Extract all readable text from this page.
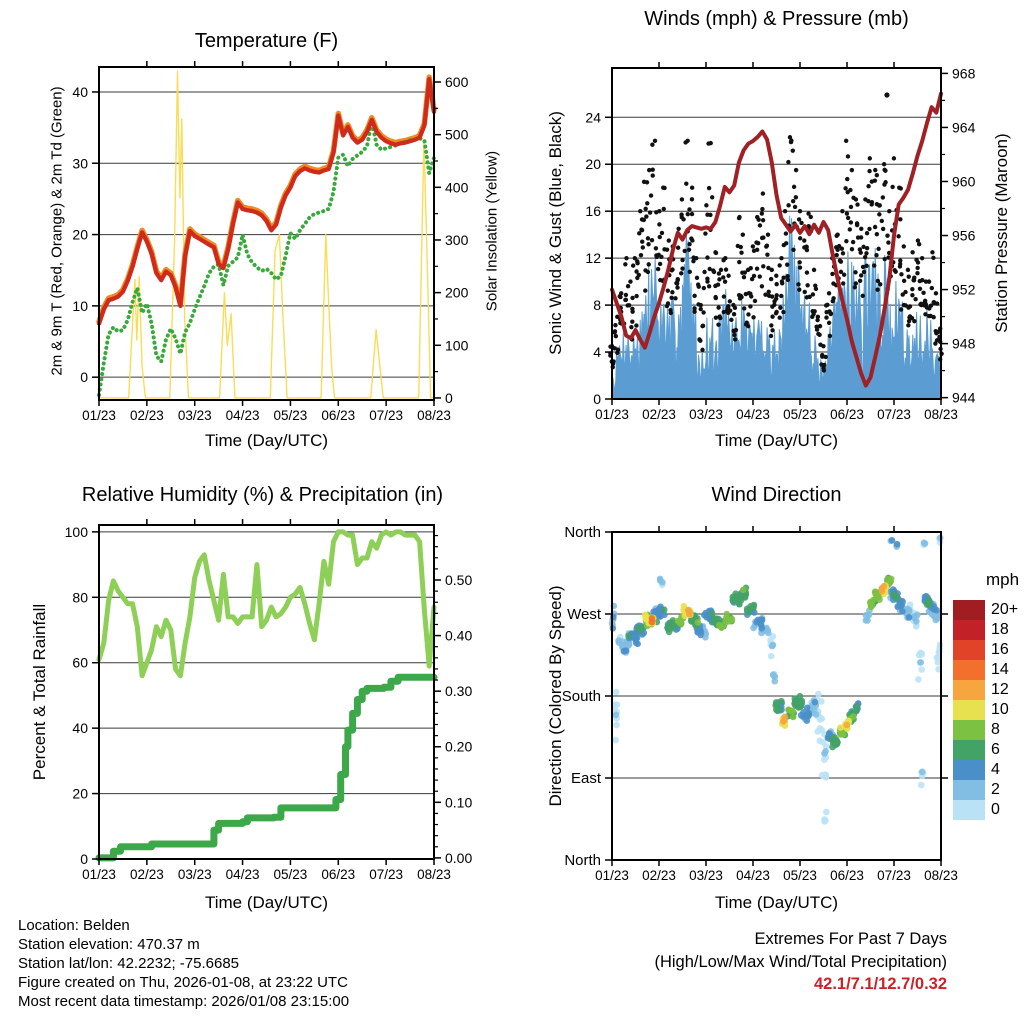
01/23 02/23 03/23 04/23 05/23 06/23 07/23 08/23
0
10
20
30
40
0
100
200
300
400
500
600
01/23 02/23 03/23 04/23 05/23 06/23 07/23 08/23
0
4
8
12
16
20
24
944
948
952
956
960
964
968
01/23 02/23 03/23 04/23 05/23 06/23 07/23 08/23
0
20
40
60
80
100
0.00
0.10
0.20
0.30
0.40
0.50
01/23 02/23 03/23 04/23 05/23 06/23 07/23 08/23
North
West
South
East
North
Temperature (F)
Winds (mph) & Pressure (mb)
Relative Humidity (%) & Precipitation (in)	Wind Direction
2m & 9m T (Red, Orange) & 2m Td (Green)	Solar Insolation (Yellow)	Sonic Wind & Gust (Blue, Black)	Station Pressure (Maroon)
Percent & Total Rainfall	Direction (Colored By Speed)
Time (Day/UTC)	Time (Day/UTC)
Time (Day/UTC)	Time (Day/UTC)
mph
20+
18
16
14
12
10
8
6
4
2
0
Location: Belden
Station elevation: 470.37 m
Station lat/lon: 42.2232; -75.6685
Figure created on Thu, 2026-01-08, at 23:22 UTC
Most recent data timestamp: 2026/01/08 23:15:00
Extremes For Past 7 Days
(High/Low/Max Wind/Total Precipitation)
42.1/7.1/12.7/0.32
